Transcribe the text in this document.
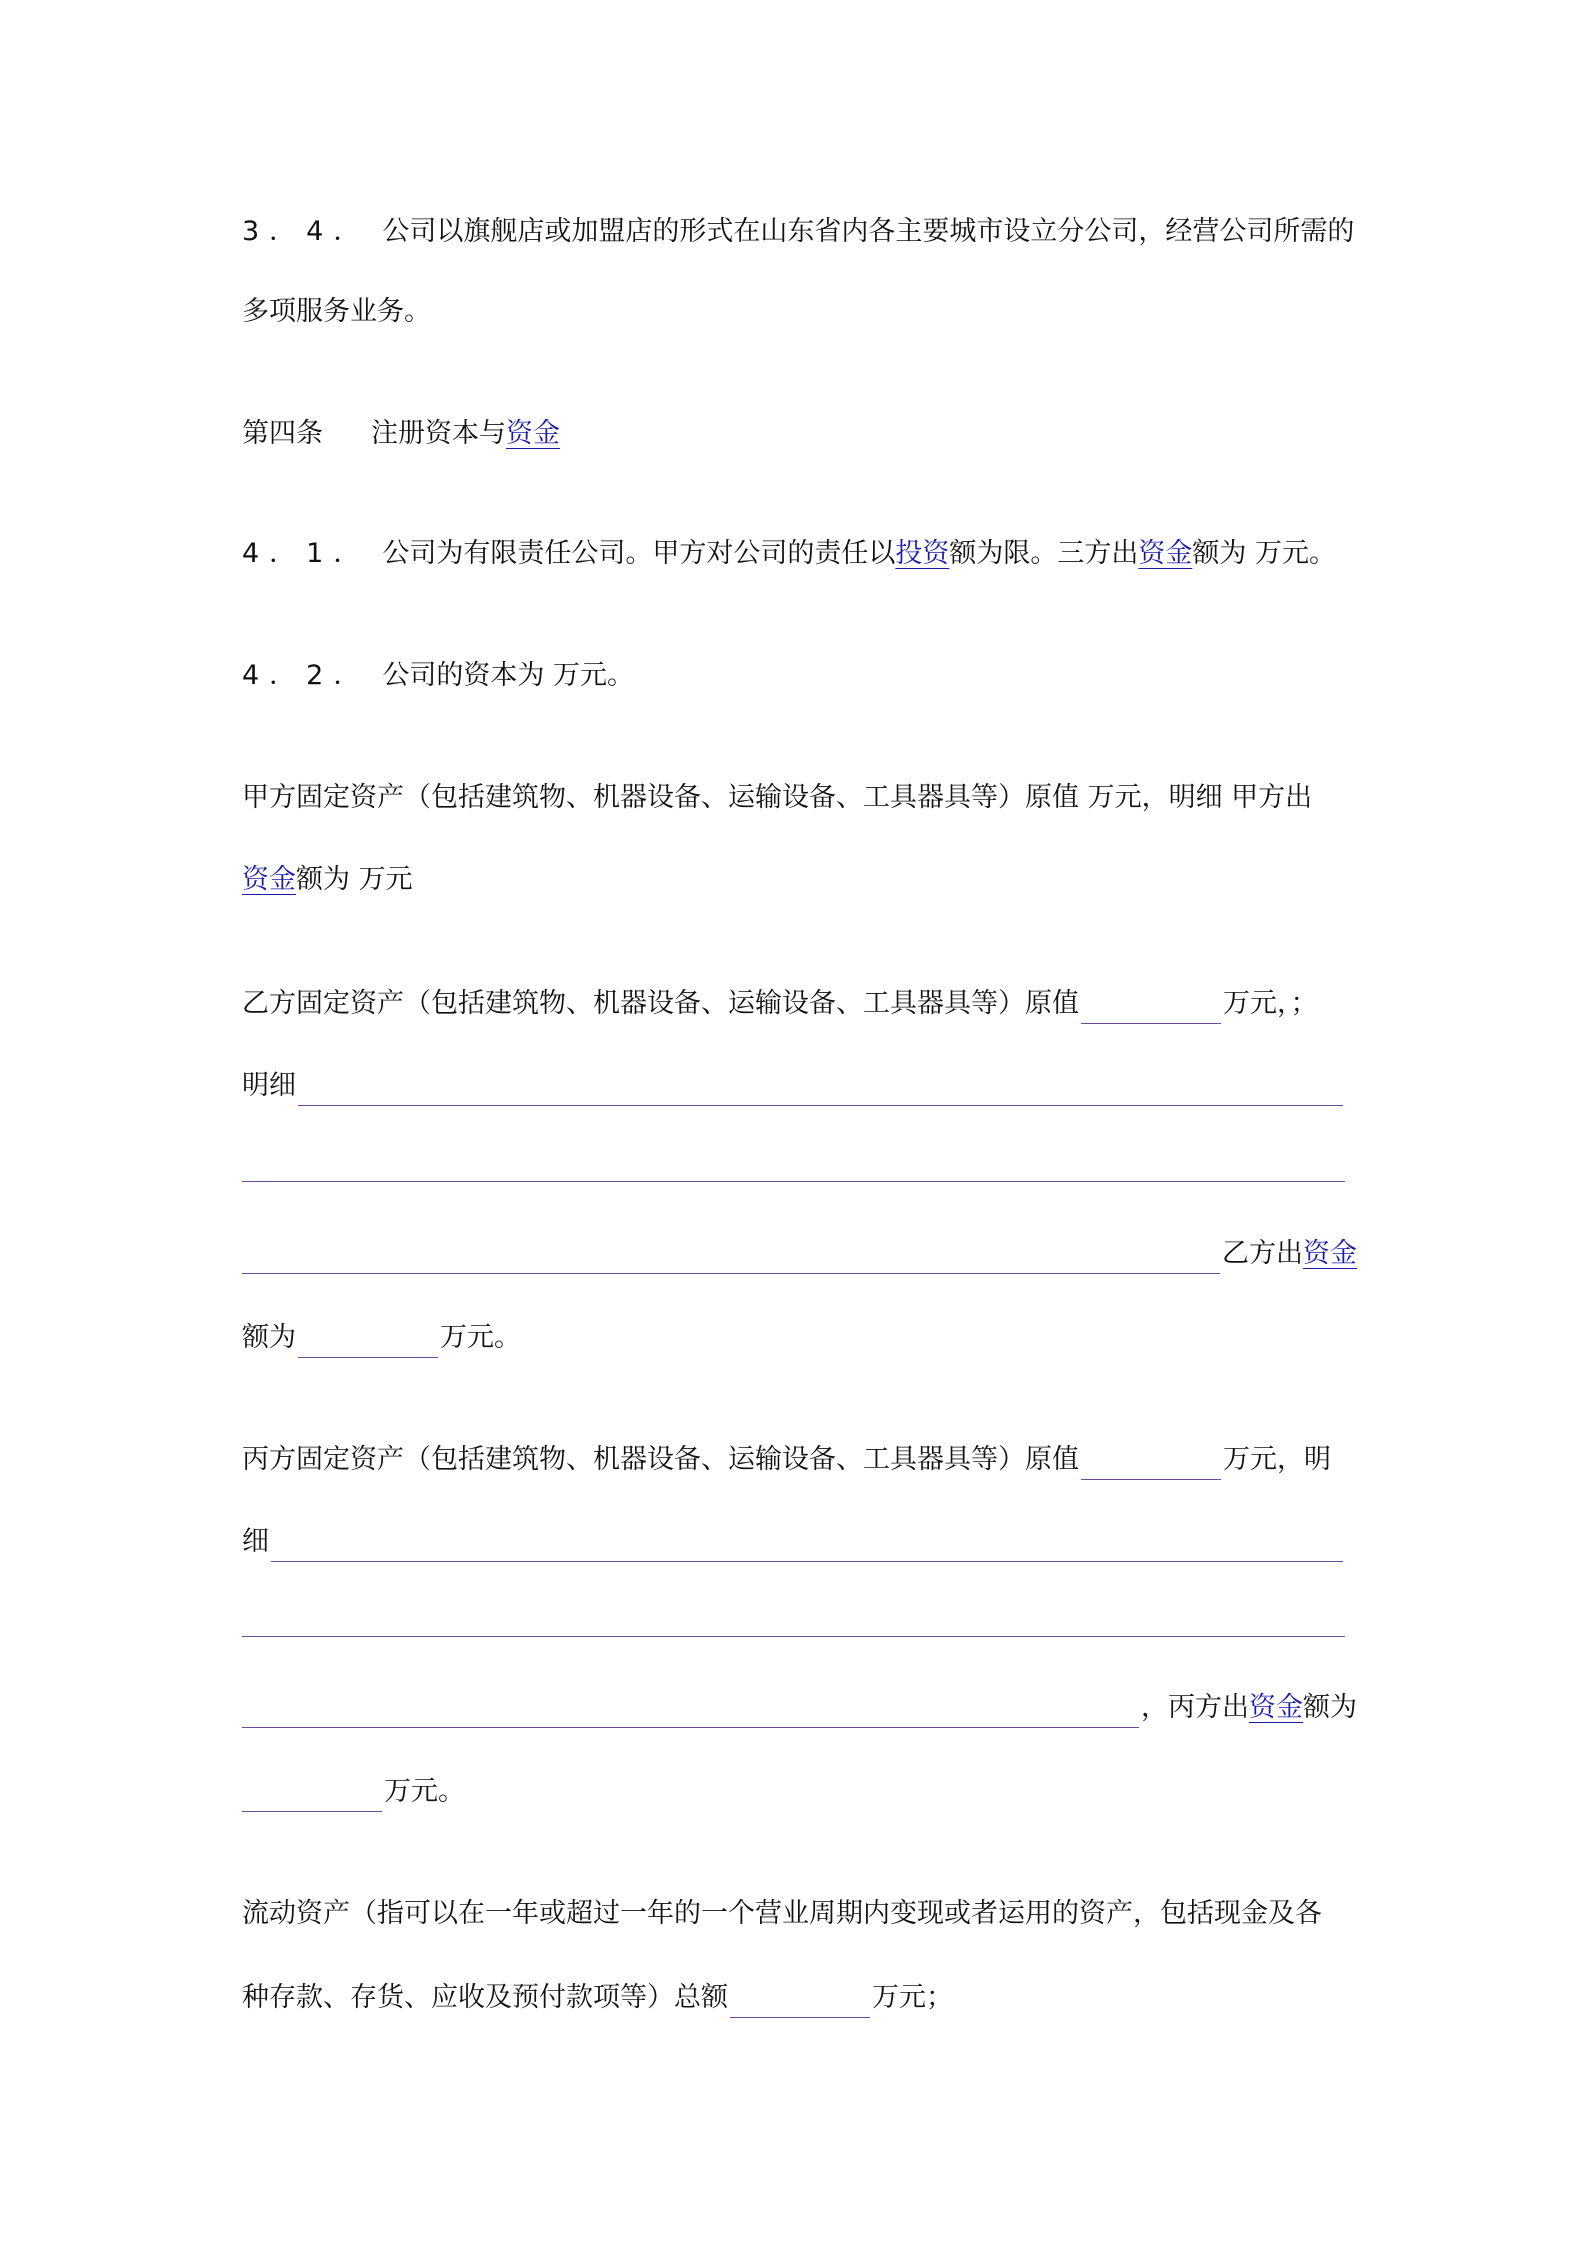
3．4． 公司以旗舰店或加盟店的形式在山东省内各主要城市设立分公司，经营公司所需的
多项服务业务。
第四条 注册资本与 资金
4．1． 公司为有限责任公司。甲方对公司的责任以 投资 额为限。三方出 资金 额为 万元。
4．2． 公司的资本为 万元。
甲方固定资产（包括建筑物、机器设备、运输设备、工具器具等）原值 万元，明细 甲方出
资金 额为 万元
乙方固定资产（包括建筑物、机器设备、运输设备、工具器具等）原值	万元，；
明细
乙方出 资金
额为	万元。
丙方固定资产（包括建筑物、机器设备、运输设备、工具器具等）原值	万元，明
细
，丙方出 资金 额为
万元。
流动资产（指可以在一年或超过一年的一个营业周期内变现或者运用的资产，包括现金及各
种存款、存货、应收及预付款项等）总额	万元；
